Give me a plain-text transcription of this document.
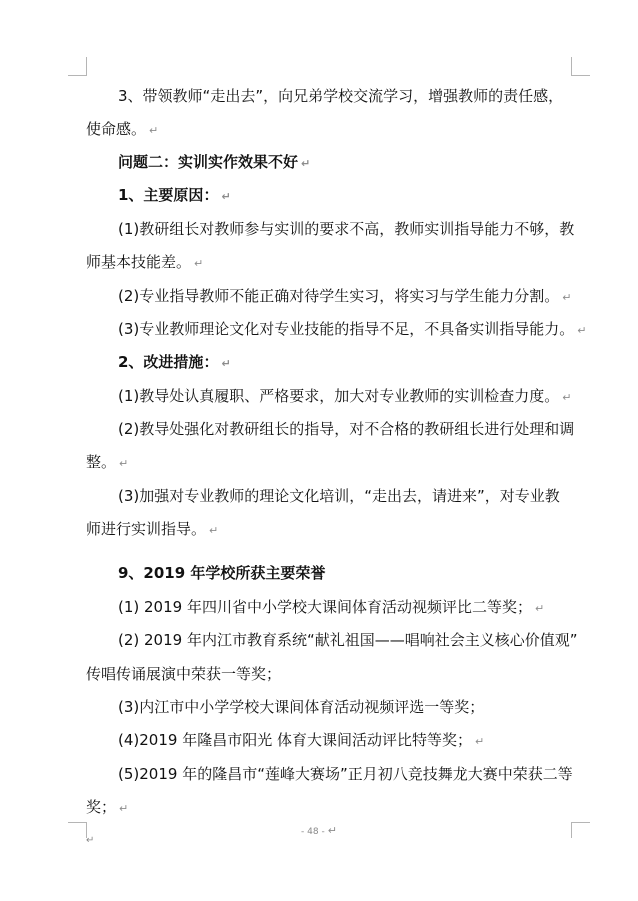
3、带领教师“走出去”，向兄弟学校交流学习，增强教师的责任感，
使命感。 ↵
问题二：实训实作效果不好 ↵
1、主要原因： ↵
(1)教研组长对教师参与实训的要求不高，教师实训指导能力不够，教
师基本技能差。 ↵
(2)专业指导教师不能正确对待学生实习，将实习与学生能力分割。 ↵
(3)专业教师理论文化对专业技能的指导不足，不具备实训指导能力。 ↵
2、改进措施： ↵
(1)教导处认真履职、严格要求，加大对专业教师的实训检查力度。 ↵
(2)教导处强化对教研组长的指导，对不合格的教研组长进行处理和调
整。 ↵
(3)加强对专业教师的理论文化培训，“走出去，请进来”，对专业教
师进行实训指导。 ↵
9、2019 年学校所获主要荣誉
(1) 2019 年四川省中小学校大课间体育活动视频评比二等奖； ↵
(2) 2019 年内江市教育系统“献礼祖国——唱响社会主义核心价值观”
传唱传诵展演中荣获一等奖；
(3)内江市中小学学校大课间体育活动视频评选一等奖；
(4)2019 年隆昌市阳光 体育大课间活动评比特等奖； ↵
(5)2019 年的隆昌市“莲峰大赛场”正月初八竞技舞龙大赛中荣获二等
奖； ↵
- 48 - ↵
↵
